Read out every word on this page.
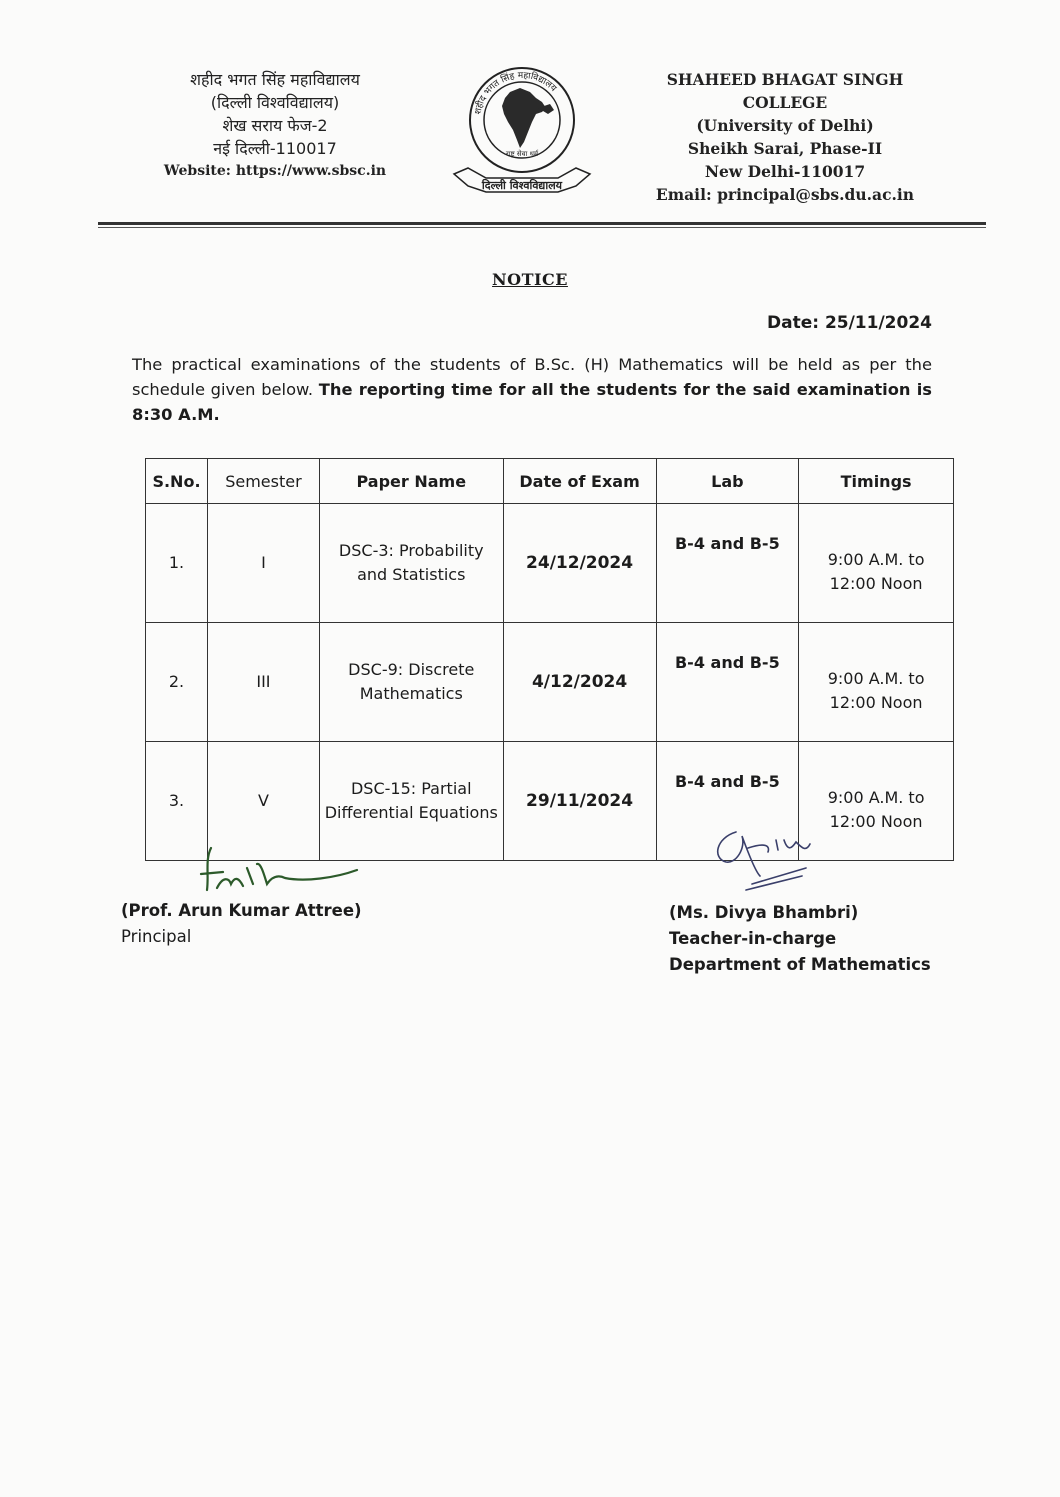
शहीद भगत सिंह महाविद्यालय
(दिल्ली विश्वविद्यालय)
शेख सराय फेज-2
नई दिल्ली-110017
Website: https://www.sbsc.in
शहीद भगत सिंह महाविद्यालय
राष्ट्र सेवा धर्म
दिल्ली विश्वविद्यालय
SHAHEED BHAGAT SINGH COLLEGE
(University of Delhi)
Sheikh Sarai, Phase-II
New Delhi-110017
Email: principal@sbs.du.ac.in
NOTICE
Date: 25/11/2024
The practical examinations of the students of B.Sc. (H) Mathematics will be held as per the schedule given below. The reporting time for all the students for the said examination is 8:30 A.M.
S.No.	Semester	Paper Name	Date of Exam	Lab	Timings
1.	I	DSC-3: Probability and Statistics	24/12/2024	B-4 and B-5	9:00 A.M. to
12:00 Noon

2.	III	DSC-9: Discrete Mathematics	4/12/2024	B-4 and B-5	9:00 A.M. to
12:00 Noon

3.	V	DSC-15: Partial Differential Equations	29/11/2024	B-4 and B-5	9:00 A.M. to
12:00 Noon
(Prof. Arun Kumar Attree)
Principal
(Ms. Divya Bhambri)
Teacher-in-charge
Department of Mathematics
